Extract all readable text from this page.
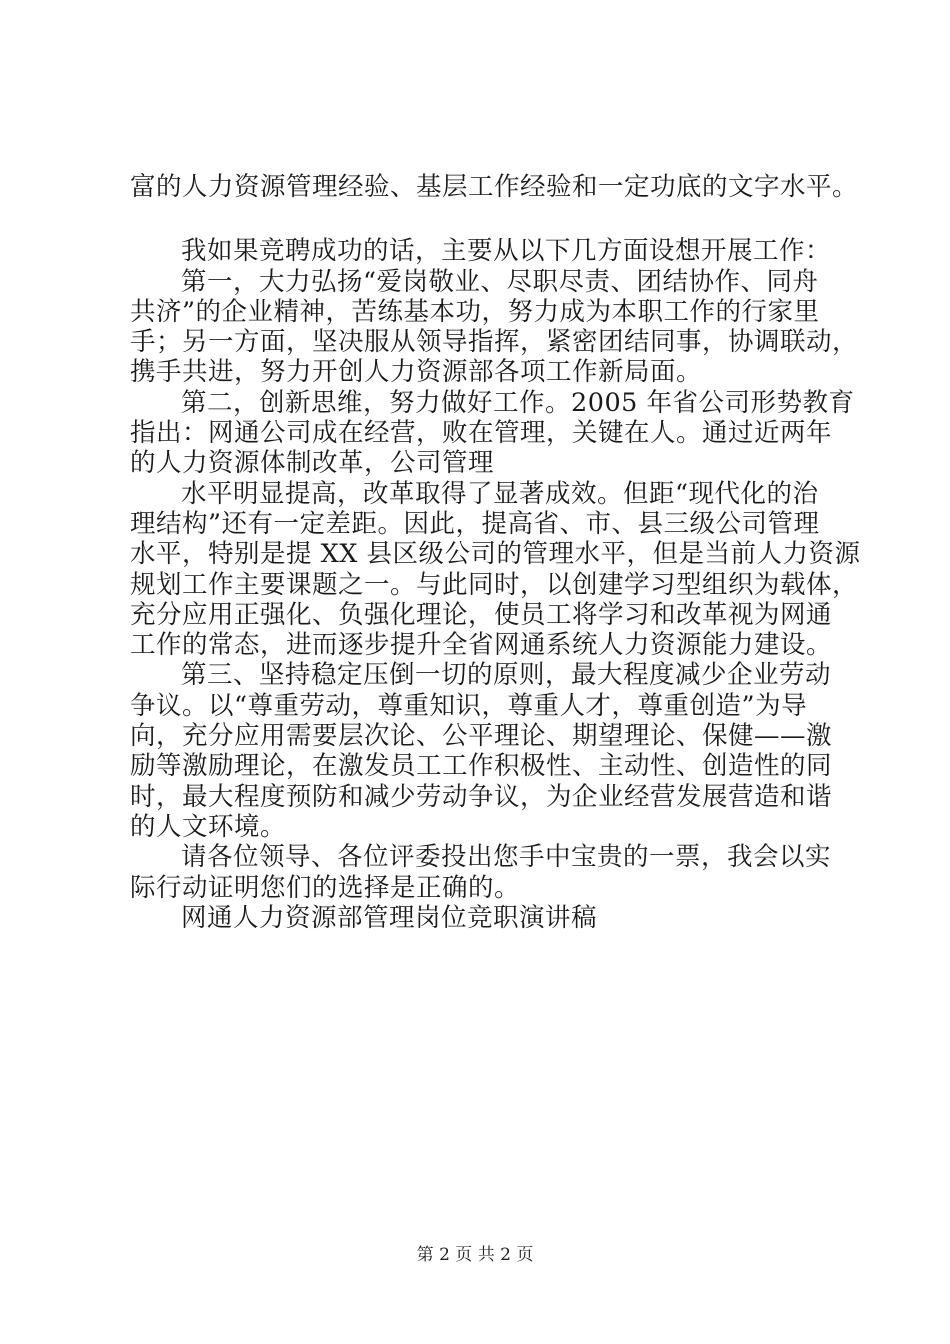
富的人力资源管理经验、基层工作经验和一定功底的文字水平。
我如果竞聘成功的话，主要从以下几方面设想开展工作：
第一，大力弘扬“爱岗敬业、尽职尽责、团结协作、同舟
共济”的企业精神，苦练基本功，努力成为本职工作的行家里
手；另一方面，坚决服从领导指挥，紧密团结同事，协调联动，
携手共进，努力开创人力资源部各项工作新局面。
第二，创新思维，努力做好工作。2005 年省公司形势教育
指出：网通公司成在经营，败在管理，关键在人。通过近两年
的人力资源体制改革，公司管理
水平明显提高，改革取得了显著成效。但距“现代化的治
理结构”还有一定差距。因此，提高省、市、县三级公司管理
水平，特别是提 XX 县区级公司的管理水平，但是当前人力资源
规划工作主要课题之一。与此同时，以创建学习型组织为载体，
充分应用正强化、负强化理论，使员工将学习和改革视为网通
工作的常态，进而逐步提升全省网通系统人力资源能力建设。
第三、坚持稳定压倒一切的原则，最大程度减少企业劳动
争议。以“尊重劳动，尊重知识，尊重人才，尊重创造”为导
向，充分应用需要层次论、公平理论、期望理论、保健——激
励等激励理论，在激发员工工作积极性、主动性、创造性的同
时，最大程度预防和减少劳动争议，为企业经营发展营造和谐
的人文环境。
请各位领导、各位评委投出您手中宝贵的一票，我会以实
际行动证明您们的选择是正确的。
网通人力资源部管理岗位竞职演讲稿
第 2 页 共 2 页
